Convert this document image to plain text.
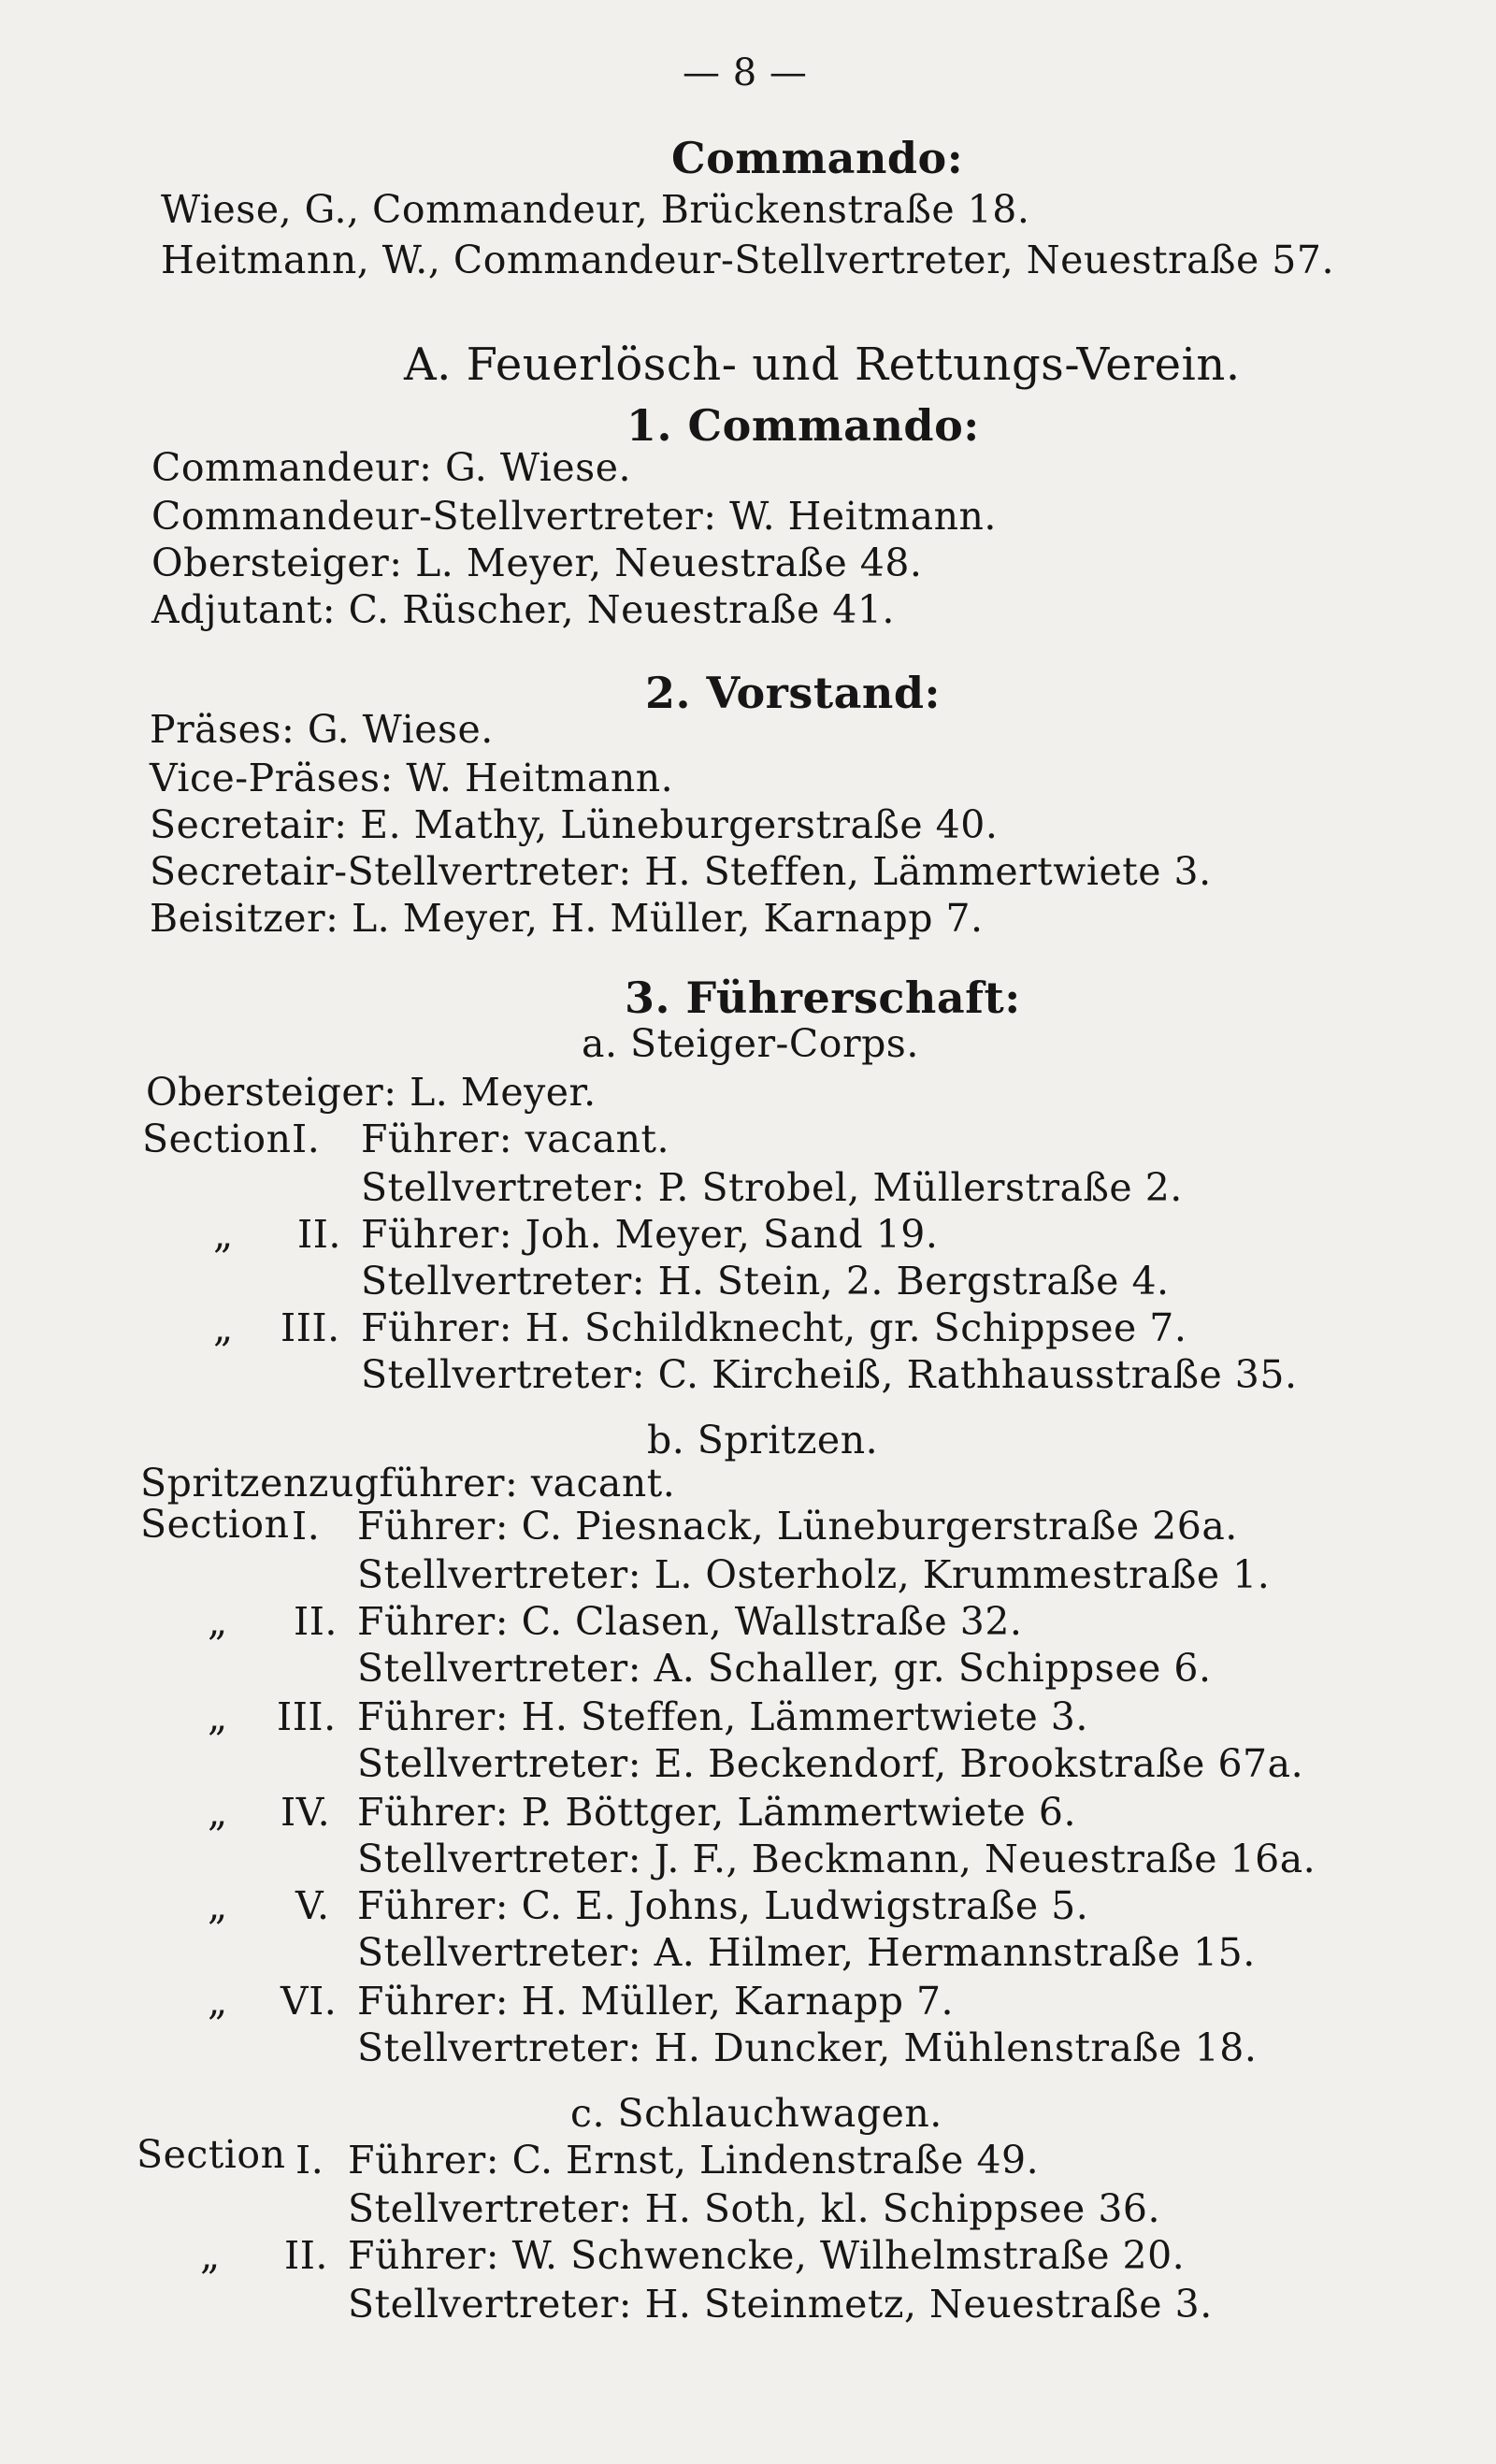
— 8 —
Commando:
Wiese, G., Commandeur, Brückenstraße 18.
Heitmann, W., Commandeur-Stellvertreter, Neuestraße 57.
A. Feuerlösch- und Rettungs-Verein.
1. Commando:
Commandeur: G. Wiese.
Commandeur-Stellvertreter: W. Heitmann.
Obersteiger: L. Meyer, Neuestraße 48.
Adjutant: C. Rüscher, Neuestraße 41.
2. Vorstand:
Präses: G. Wiese.
Vice-Präses: W. Heitmann.
Secretair: E. Mathy, Lüneburgerstraße 40.
Secretair-Stellvertreter: H. Steffen, Lämmertwiete 3.
Beisitzer: L. Meyer, H. Müller, Karnapp 7.
3. Führerschaft:
a. Steiger-Corps.
Obersteiger: L. Meyer.
Section I. Führer: vacant.
Stellvertreter: P. Strobel, Müllerstraße 2.
„ II. Führer: Joh. Meyer, Sand 19.
Stellvertreter: H. Stein, 2. Bergstraße 4.
„ III. Führer: H. Schildknecht, gr. Schippsee 7.
Stellvertreter: C. Kircheiß, Rathhausstraße 35.
b. Spritzen.
Spritzenzugführer: vacant.
Section I. Führer: C. Piesnack, Lüneburgerstraße 26a.
Stellvertreter: L. Osterholz, Krummestraße 1.
„ II. Führer: C. Clasen, Wallstraße 32.
Stellvertreter: A. Schaller, gr. Schippsee 6.
„ III. Führer: H. Steffen, Lämmertwiete 3.
Stellvertreter: E. Beckendorf, Brookstraße 67a.
„ IV. Führer: P. Böttger, Lämmertwiete 6.
Stellvertreter: J. F., Beckmann, Neuestraße 16a.
„ V. Führer: C. E. Johns, Ludwigstraße 5.
Stellvertreter: A. Hilmer, Hermannstraße 15.
„ VI. Führer: H. Müller, Karnapp 7.
Stellvertreter: H. Duncker, Mühlenstraße 18.
c. Schlauchwagen.
Section I. Führer: C. Ernst, Lindenstraße 49.
Stellvertreter: H. Soth, kl. Schippsee 36.
„ II. Führer: W. Schwencke, Wilhelmstraße 20.
Stellvertreter: H. Steinmetz, Neuestraße 3.
